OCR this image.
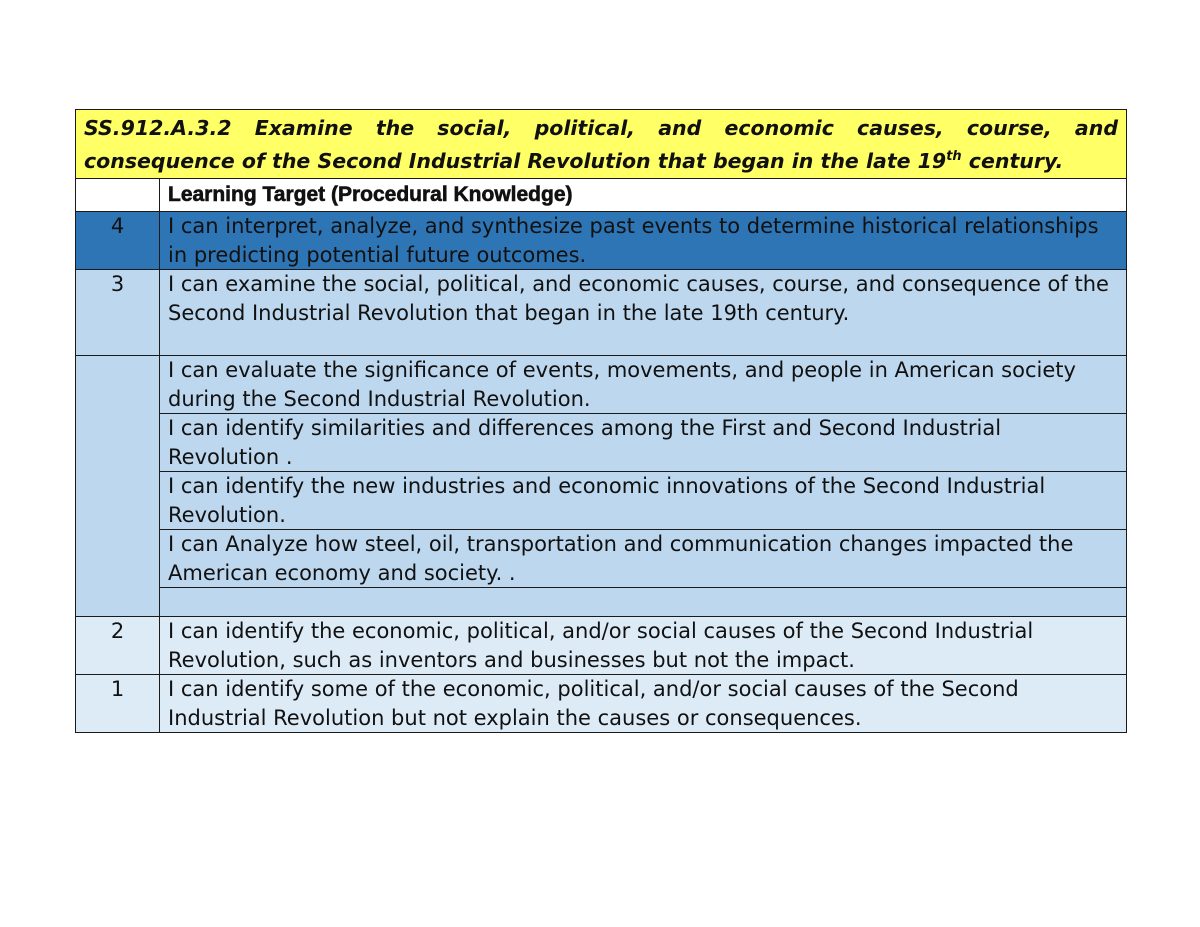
SS.912.A.3.2 Examine the social, political, and economic causes, course, and consequence of the Second Industrial Revolution that began in the late 19th century.	
	Learning Target (Procedural Knowledge)
4	I can interpret, analyze, and synthesize past events to determine historical relationships in predicting potential future outcomes.
3	I can examine the social, political, and economic causes, course, and consequence of the Second Industrial Revolution that began in the late 19th century.
	I can evaluate the significance of events, movements, and people in American society during the Second Industrial Revolution.
	I can identify similarities and differences among the First and Second Industrial Revolution .
	I can identify the new industries and economic innovations of the Second Industrial Revolution.
	I can Analyze how steel, oil, transportation and communication changes impacted the American economy and society. .

2	I can identify the economic, political, and/or social causes of the Second Industrial Revolution, such as inventors and businesses but not the impact.
1	I can identify some of the economic, political, and/or social causes of the Second Industrial Revolution but not explain the causes or consequences.
